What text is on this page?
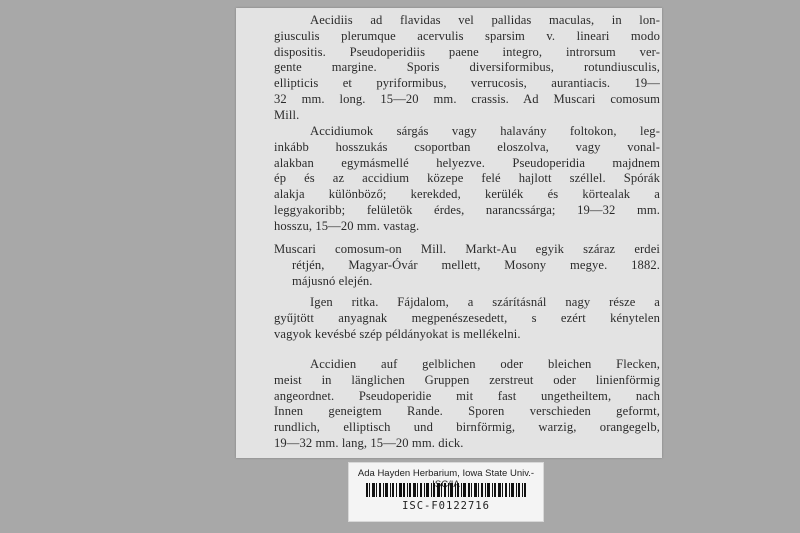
Aecidiis ad flavidas vel pallidas maculas, in lon-
giusculis plerumque acervulis sparsim v. lineari modo
dispositis. Pseudoperidiis paene integro, introrsum ver-
gente margine. Sporis diversiformibus, rotundiusculis,
ellipticis et pyriformibus, verrucosis, aurantiacis. 19—
32 mm. long. 15—20 mm. crassis. Ad Muscari comosum
Mill.
Accidiumok sárgás vagy halavány foltokon, leg-
inkább hosszukás csoportban eloszolva, vagy vonal-
alakban egymásmellé helyezve. Pseudoperidia majdnem
ép és az accidium közepe felé hajlott széllel. Spórák
alakja különböző; kerekded, kerülék és körtealak a
leggyakoribb; felületök érdes, narancssárga; 19—32 mm.
hosszu, 15—20 mm. vastag.
Muscari comosum-on Mill. Markt-Au egyik száraz erdei
rétjén, Magyar-Óvár mellett, Mosony megye. 1882.
májusnó elején.
Igen ritka. Fájdalom, a szárításnál nagy része a
gyűjtött anyagnak megpenészesedett, s ezért kénytelen
vagyok kevésbé szép példányokat is mellékelni.
Accidien auf gelblichen oder bleichen Flecken,
meist in länglichen Gruppen zerstreut oder linienförmig
angeordnet. Pseudoperidie mit fast ungetheiltem, nach
Innen geneigtem Rande. Sporen verschieden geformt,
rundlich, elliptisch und birnförmig, warzig, orangegelb,
19—32 mm. lang, 15—20 mm. dick.
Ada Hayden Herbarium, Iowa State Univ.-ISC/IA
ISC-F0122716
